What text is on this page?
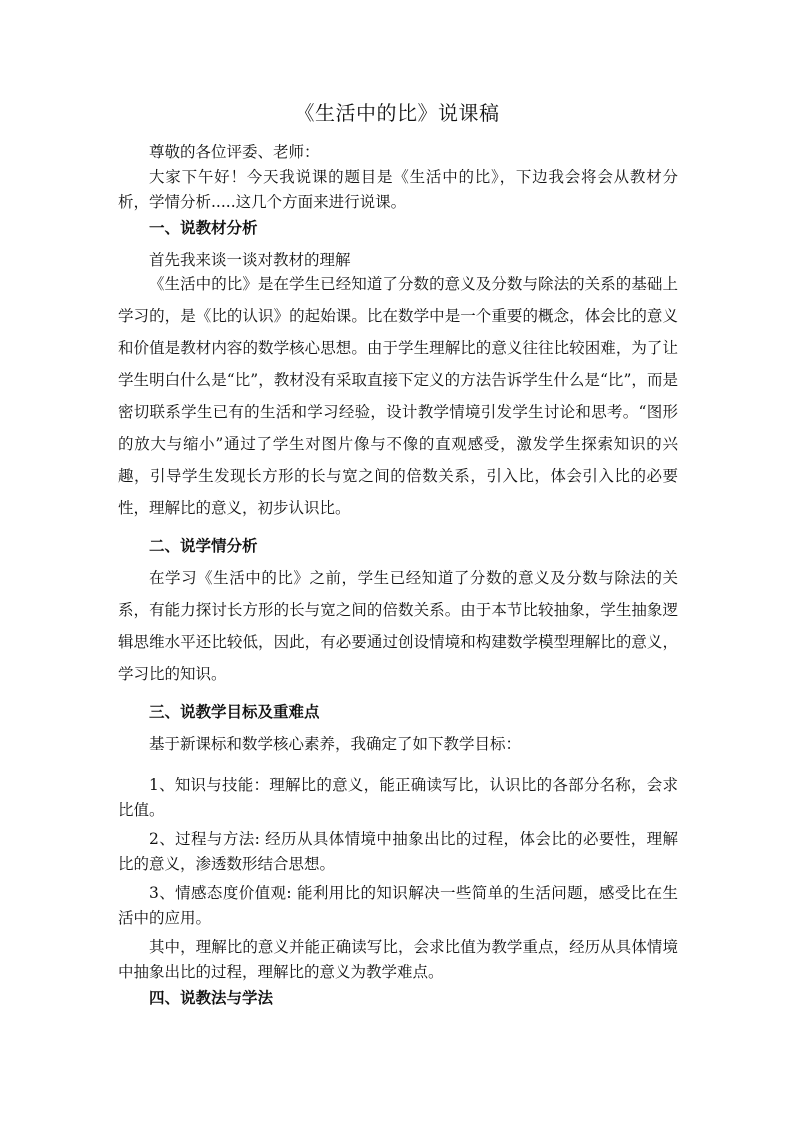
《生活中的比》说课稿

尊敬的各位评委、老师：

大家下午好！今天我说课的题目是《生活中的比》，下边我会将会从教材分析，学情分析.....这几个方面来进行说课。

一、说教材分析

首先我来谈一谈对教材的理解

《生活中的比》是在学生已经知道了分数的意义及分数与除法的关系的基础上学习的，是《比的认识》的起始课。比在数学中是一个重要的概念，体会比的意义和价值是教材内容的数学核心思想。由于学生理解比的意义往往比较困难，为了让学生明白什么是“比”，教材没有采取直接下定义的方法告诉学生什么是“比”，而是密切联系学生已有的生活和学习经验，设计教学情境引发学生讨论和思考。“图形的放大与缩小”通过了学生对图片像与不像的直观感受，激发学生探索知识的兴趣，引导学生发现长方形的长与宽之间的倍数关系，引入比，体会引入比的必要性，理解比的意义，初步认识比。

二、说学情分析

在学习《生活中的比》之前，学生已经知道了分数的意义及分数与除法的关系，有能力探讨长方形的长与宽之间的倍数关系。由于本节比较抽象，学生抽象逻辑思维水平还比较低，因此，有必要通过创设情境和构建数学模型理解比的意义，学习比的知识。

三、说教学目标及重难点

基于新课标和数学核心素养，我确定了如下教学目标：

1、知识与技能：理解比的意义，能正确读写比，认识比的各部分名称，会求比值。

2、过程与方法: 经历从具体情境中抽象出比的过程，体会比的必要性，理解比的意义，渗透数形结合思想。

3、情感态度价值观: 能利用比的知识解决一些简单的生活问题，感受比在生活中的应用。

其中，理解比的意义并能正确读写比，会求比值为教学重点，经历从具体情境中抽象出比的过程，理解比的意义为教学难点。

四、说教法与学法
